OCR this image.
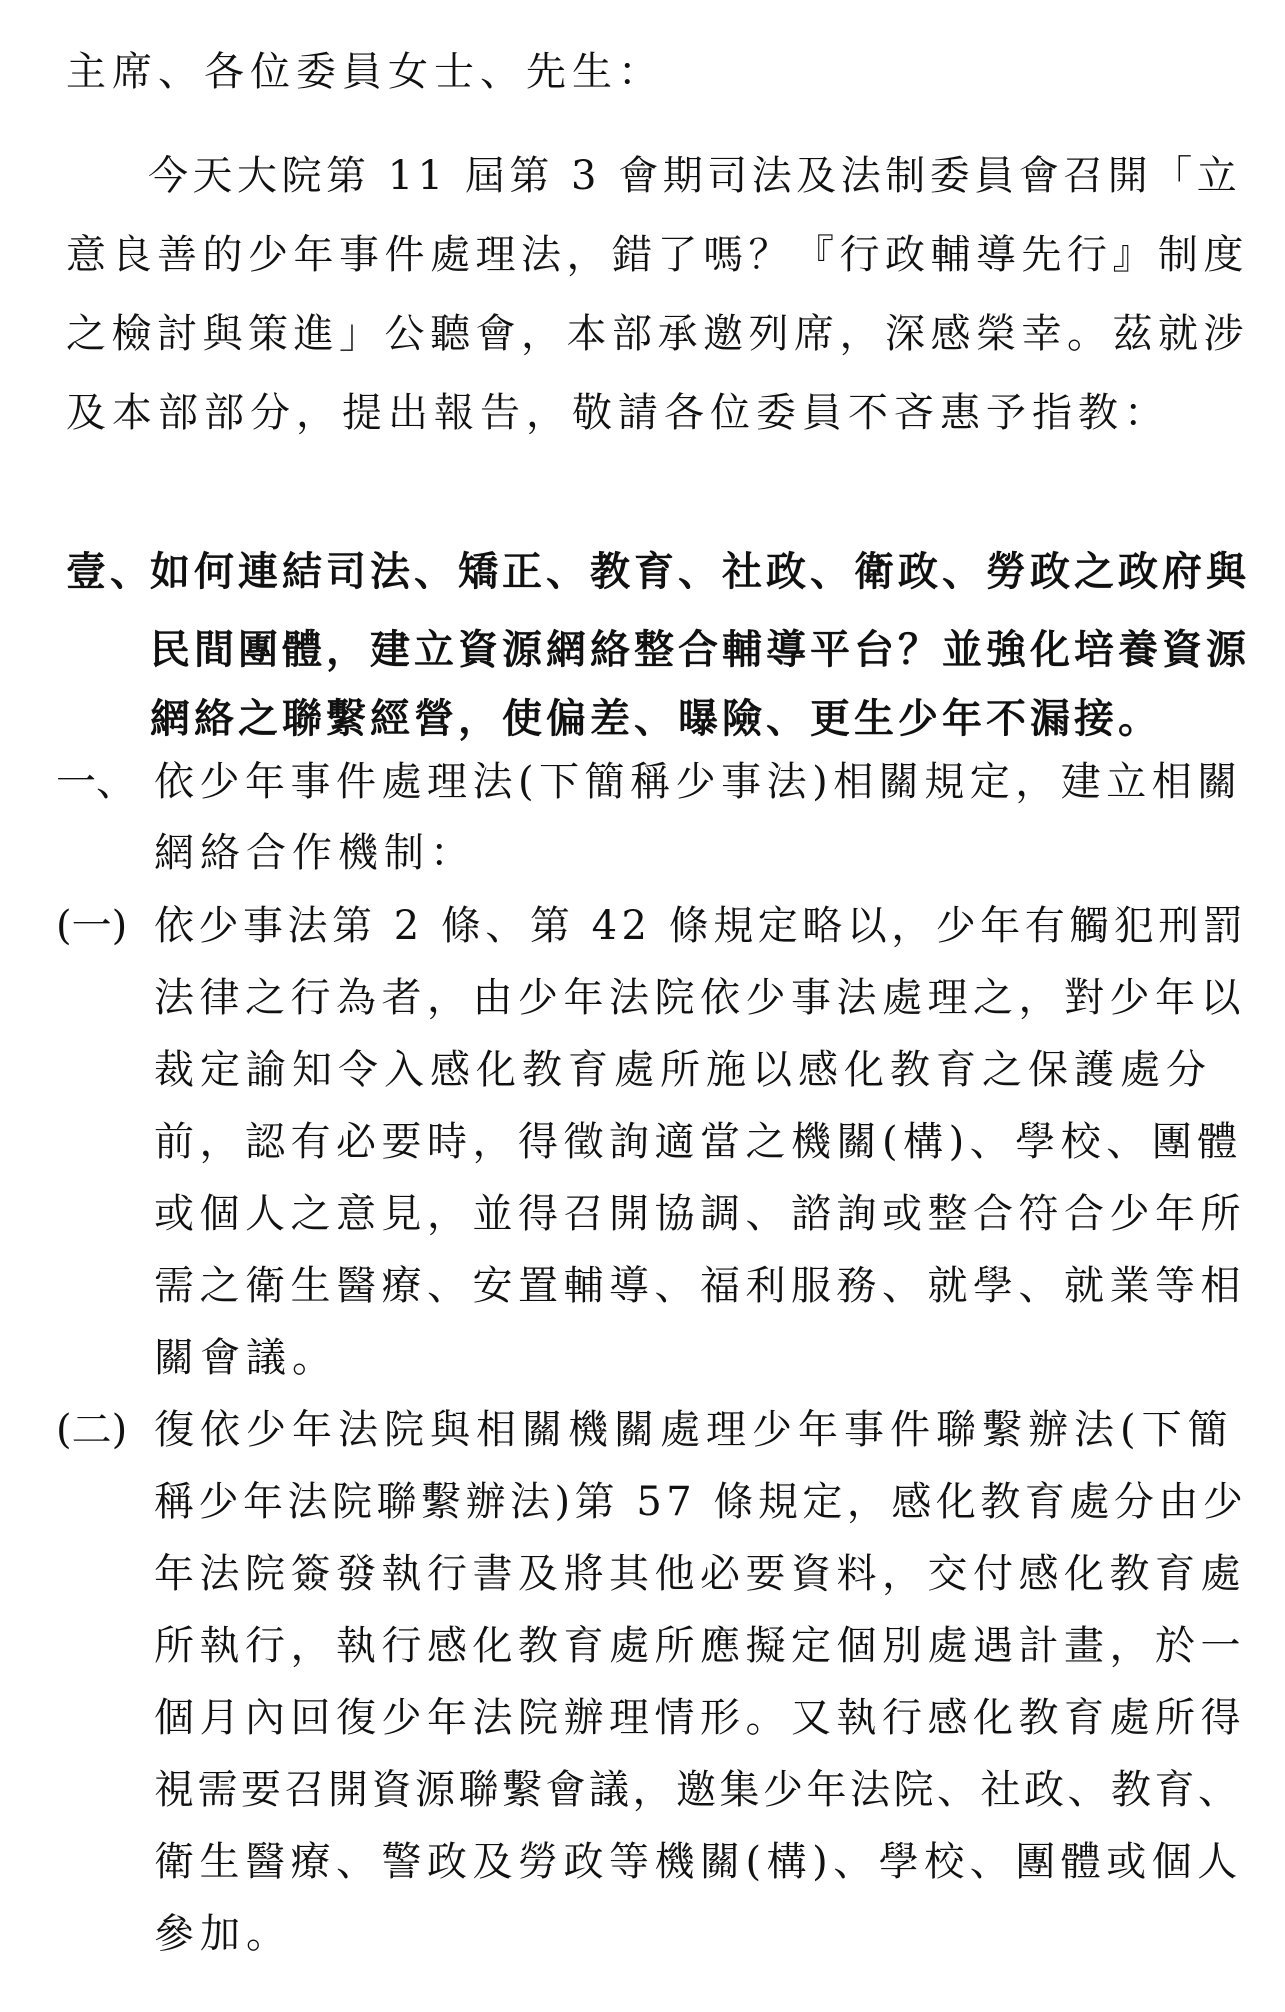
主席、各位委員女士、先生：
今天大院第 11 屆第 3 會期司法及法制委員會召開「立
意良善的少年事件處理法，錯了嗎？『行政輔導先行』制度
之檢討與策進」公聽會，本部承邀列席，深感榮幸。茲就涉
及本部部分，提出報告，敬請各位委員不吝惠予指教：
壹、
如何連結司法、矯正、教育、社政、衛政、勞政之政府與
民間團體，建立資源網絡整合輔導平台？並強化培養資源
網絡之聯繫經營，使偏差、曝險、更生少年不漏接。
一、 依少年事件處理法(下簡稱少事法)相關規定，建立相關
網絡合作機制：
(一) 依少事法第 2 條、第 42 條規定略以，少年有觸犯刑罰
法律之行為者，由少年法院依少事法處理之，對少年以
裁定諭知令入感化教育處所施以感化教育之保護處分
前，認有必要時，得徵詢適當之機關(構)、學校、團體
或個人之意見，並得召開協調、諮詢或整合符合少年所
需之衛生醫療、安置輔導、福利服務、就學、就業等相
關會議。
(二) 復依少年法院與相關機關處理少年事件聯繫辦法(下簡
稱少年法院聯繫辦法)第 57 條規定，感化教育處分由少
年法院簽發執行書及將其他必要資料，交付感化教育處
所執行，執行感化教育處所應擬定個別處遇計畫，於一
個月內回復少年法院辦理情形。又執行感化教育處所得
視需要召開資源聯繫會議，邀集少年法院、社政、教育、
衛生醫療、警政及勞政等機關(構)、學校、團體或個人
參加。
